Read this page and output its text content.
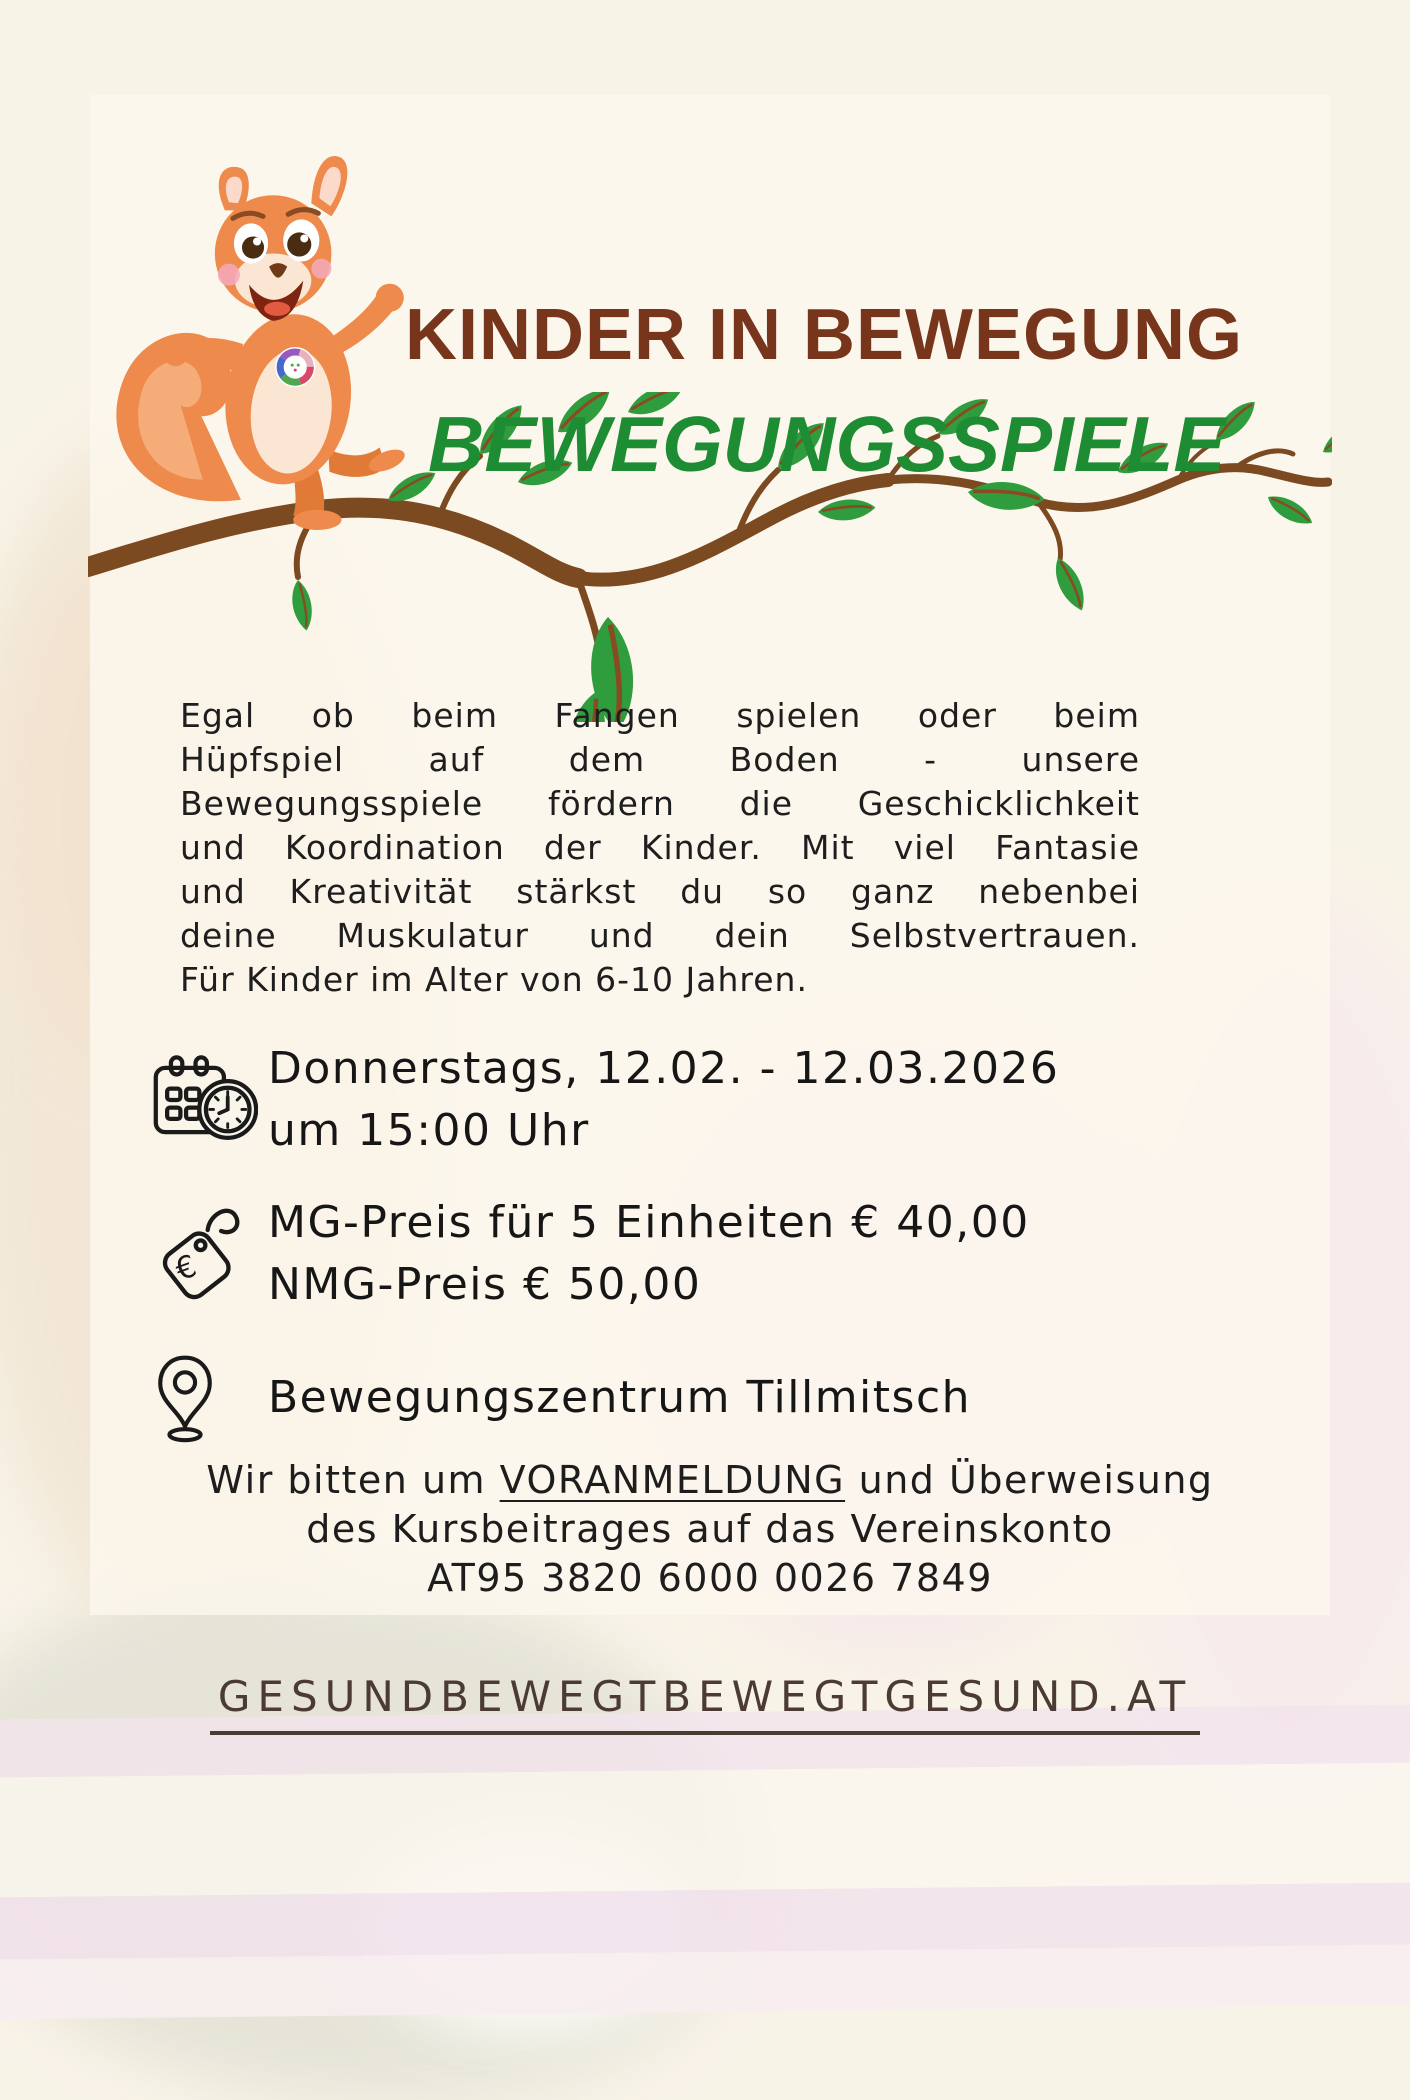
KINDER IN BEWEGUNG
BEWEGUNGSSPIELE
Egal ob beim Fangen spielen oder beim
Hüpfspiel auf dem Boden - unsere
Bewegungsspiele fördern die Geschicklichkeit
und Koordination der Kinder. Mit viel Fantasie
und Kreativität stärkst du so ganz nebenbei
deine Muskulatur und dein Selbstvertrauen.
Für Kinder im Alter von 6-10 Jahren.
Donnerstags, 12.02. - 12.03.2026
um 15:00 Uhr
€
MG-Preis für 5 Einheiten € 40,00
NMG-Preis € 50,00
Bewegungszentrum Tillmitsch
Wir bitten um VORANMELDUNG und Überweisung
des Kursbeitrages auf das Vereinskonto
AT95 3820 6000 0026 7849
GESUNDBEWEGTBEWEGTGESUND.AT
